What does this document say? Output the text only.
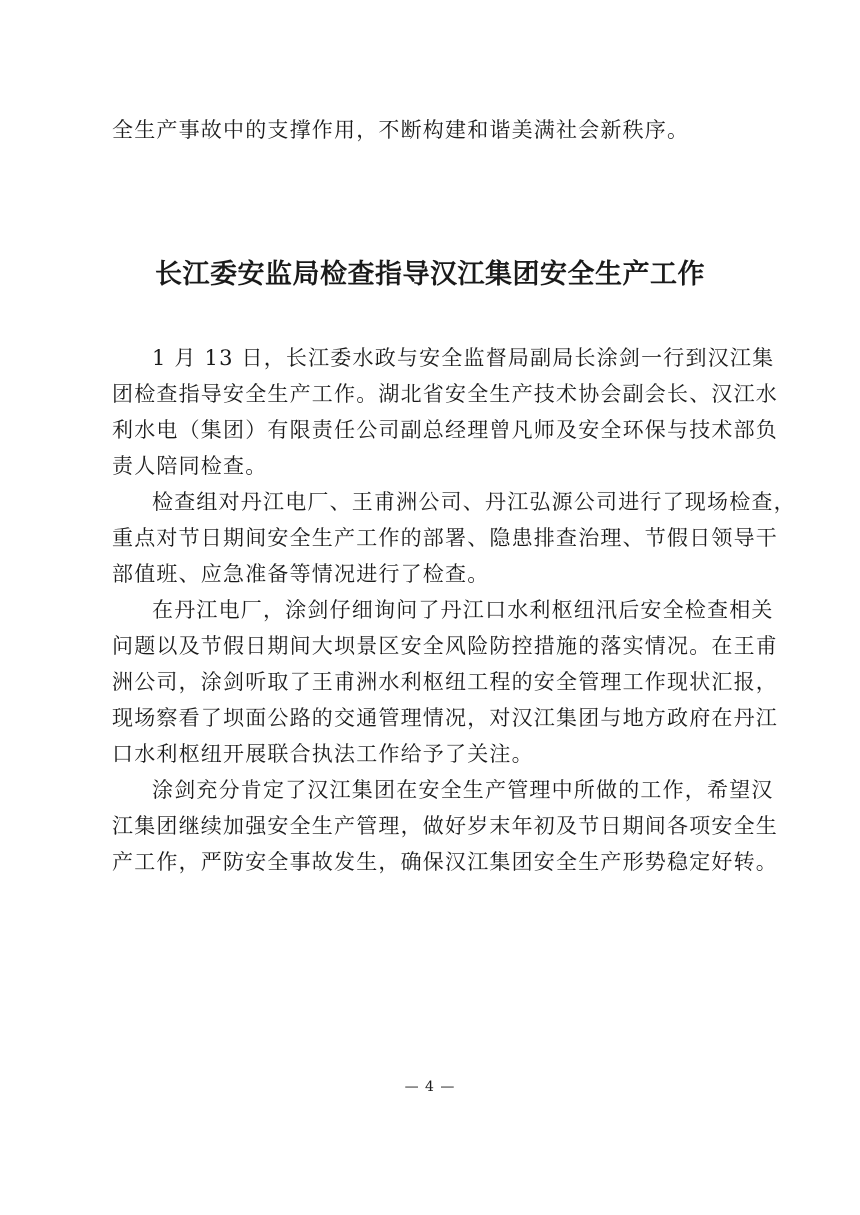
全生产事故中的支撑作用，不断构建和谐美满社会新秩序。
长江委安监局检查指导汉江集团安全生产工作

1 月 13 日，长江委水政与安全监督局副局长涂剑一行到汉江集
团检查指导安全生产工作。湖北省安全生产技术协会副会长、汉江水
利水电（集团）有限责任公司副总经理曾凡师及安全环保与技术部负
责人陪同检查。

检查组对丹江电厂、王甫洲公司、丹江弘源公司进行了现场检查，
重点对节日期间安全生产工作的部署、隐患排查治理、节假日领导干
部值班、应急准备等情况进行了检查。

在丹江电厂，涂剑仔细询问了丹江口水利枢纽汛后安全检查相关
问题以及节假日期间大坝景区安全风险防控措施的落实情况。在王甫
洲公司，涂剑听取了王甫洲水利枢纽工程的安全管理工作现状汇报，
现场察看了坝面公路的交通管理情况，对汉江集团与地方政府在丹江
口水利枢纽开展联合执法工作给予了关注。

涂剑充分肯定了汉江集团在安全生产管理中所做的工作，希望汉
江集团继续加强安全生产管理，做好岁末年初及节日期间各项安全生
产工作，严防安全事故发生，确保汉江集团安全生产形势稳定好转。

— 4 —
